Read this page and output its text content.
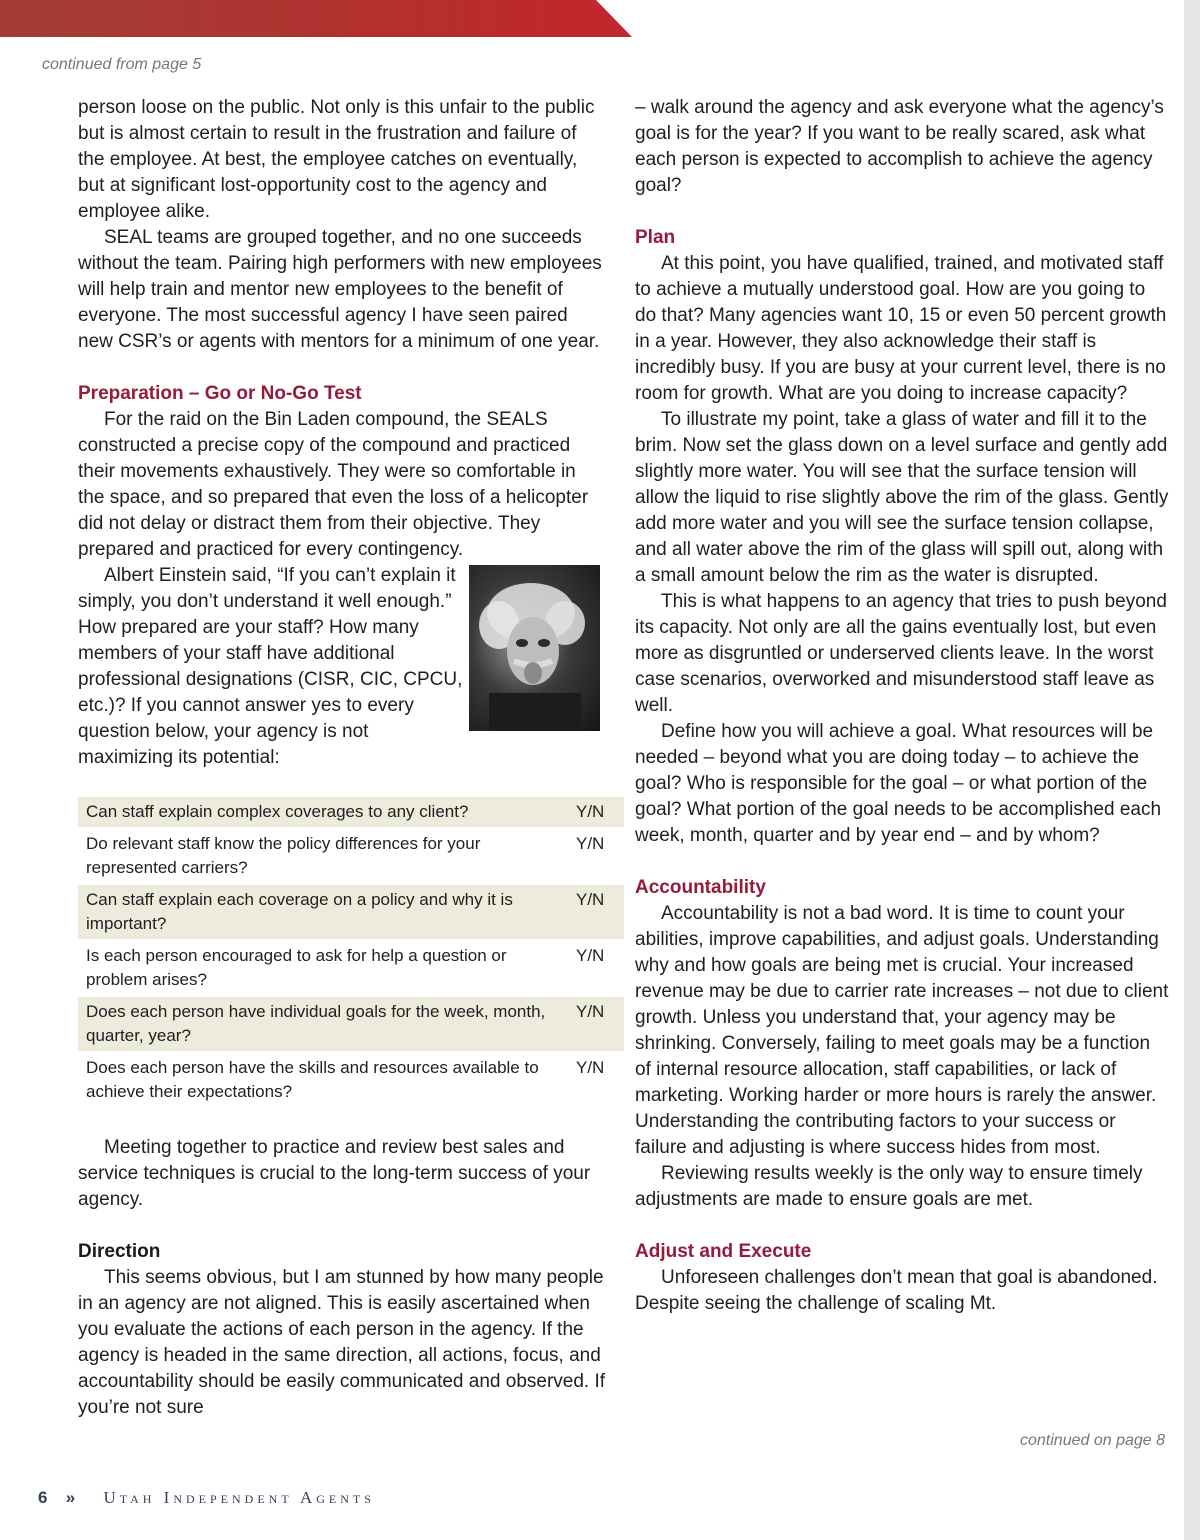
continued from page 5

person loose on the public. Not only is this unfair to the public but is almost certain to result in the frustration and failure of the employee. At best, the employee catches on eventually, but at significant lost-opportunity cost to the agency and employee alike.

SEAL teams are grouped together, and no one succeeds without the team. Pairing high performers with new employees will help train and mentor new employees to the benefit of everyone. The most successful agency I have seen paired new CSR’s or agents with mentors for a minimum of one year.

Preparation – Go or No-Go Test

For the raid on the Bin Laden compound, the SEALS constructed a precise copy of the compound and practiced their movements exhaustively. They were so comfortable in the space, and so prepared that even the loss of a helicopter did not delay or distract them from their objective. They prepared and practiced for every contingency.

Albert Einstein said, “If you can’t explain it simply, you don’t understand it well enough.” How prepared are your staff? How many members of your staff have additional professional designations (CISR, CIC, CPCU, etc.)? If you cannot answer yes to every question below, your agency is not maximizing its potential:

Can staff explain complex coverages to any client?	Y/N
Do relevant staff know the policy differences for your represented carriers?	Y/N
Can staff explain each coverage on a policy and why it is important?	Y/N
Is each person encouraged to ask for help a question or problem arises?	Y/N
Does each person have individual goals for the week, month, quarter, year?	Y/N
Does each person have the skills and resources available to achieve their expectations?	Y/N

Meeting together to practice and review best sales and service techniques is crucial to the long-term success of your agency.

Direction

This seems obvious, but I am stunned by how many people in an agency are not aligned. This is easily ascertained when you evaluate the actions of each person in the agency. If the agency is headed in the same direction, all actions, focus, and accountability should be easily communicated and observed. If you’re not sure

– walk around the agency and ask everyone what the agency’s goal is for the year? If you want to be really scared, ask what each person is expected to accomplish to achieve the agency goal?

Plan

At this point, you have qualified, trained, and motivated staff to achieve a mutually understood goal. How are you going to do that? Many agencies want 10, 15 or even 50 percent growth in a year. However, they also acknowledge their staff is incredibly busy. If you are busy at your current level, there is no room for growth. What are you doing to increase capacity?

To illustrate my point, take a glass of water and fill it to the brim. Now set the glass down on a level surface and gently add slightly more water. You will see that the surface tension will allow the liquid to rise slightly above the rim of the glass. Gently add more water and you will see the surface tension collapse, and all water above the rim of the glass will spill out, along with a small amount below the rim as the water is disrupted.

This is what happens to an agency that tries to push beyond its capacity. Not only are all the gains eventually lost, but even more as disgruntled or underserved clients leave. In the worst case scenarios, overworked and misunderstood staff leave as well.

Define how you will achieve a goal. What resources will be needed – beyond what you are doing today – to achieve the goal? Who is responsible for the goal – or what portion of the goal? What portion of the goal needs to be accomplished each week, month, quarter and by year end – and by whom?

Accountability

Accountability is not a bad word. It is time to count your abilities, improve capabilities, and adjust goals. Understanding why and how goals are being met is crucial. Your increased revenue may be due to carrier rate increases – not due to client growth. Unless you understand that, your agency may be shrinking. Conversely, failing to meet goals may be a function of internal resource allocation, staff capabilities, or lack of marketing. Working harder or more hours is rarely the answer. Understanding the contributing factors to your success or failure and adjusting is where success hides from most.

Reviewing results weekly is the only way to ensure timely adjustments are made to ensure goals are met.

Adjust and Execute

Unforeseen challenges don’t mean that goal is abandoned. Despite seeing the challenge of scaling Mt.

continued on page 8
6 » Utah Independent Agents
